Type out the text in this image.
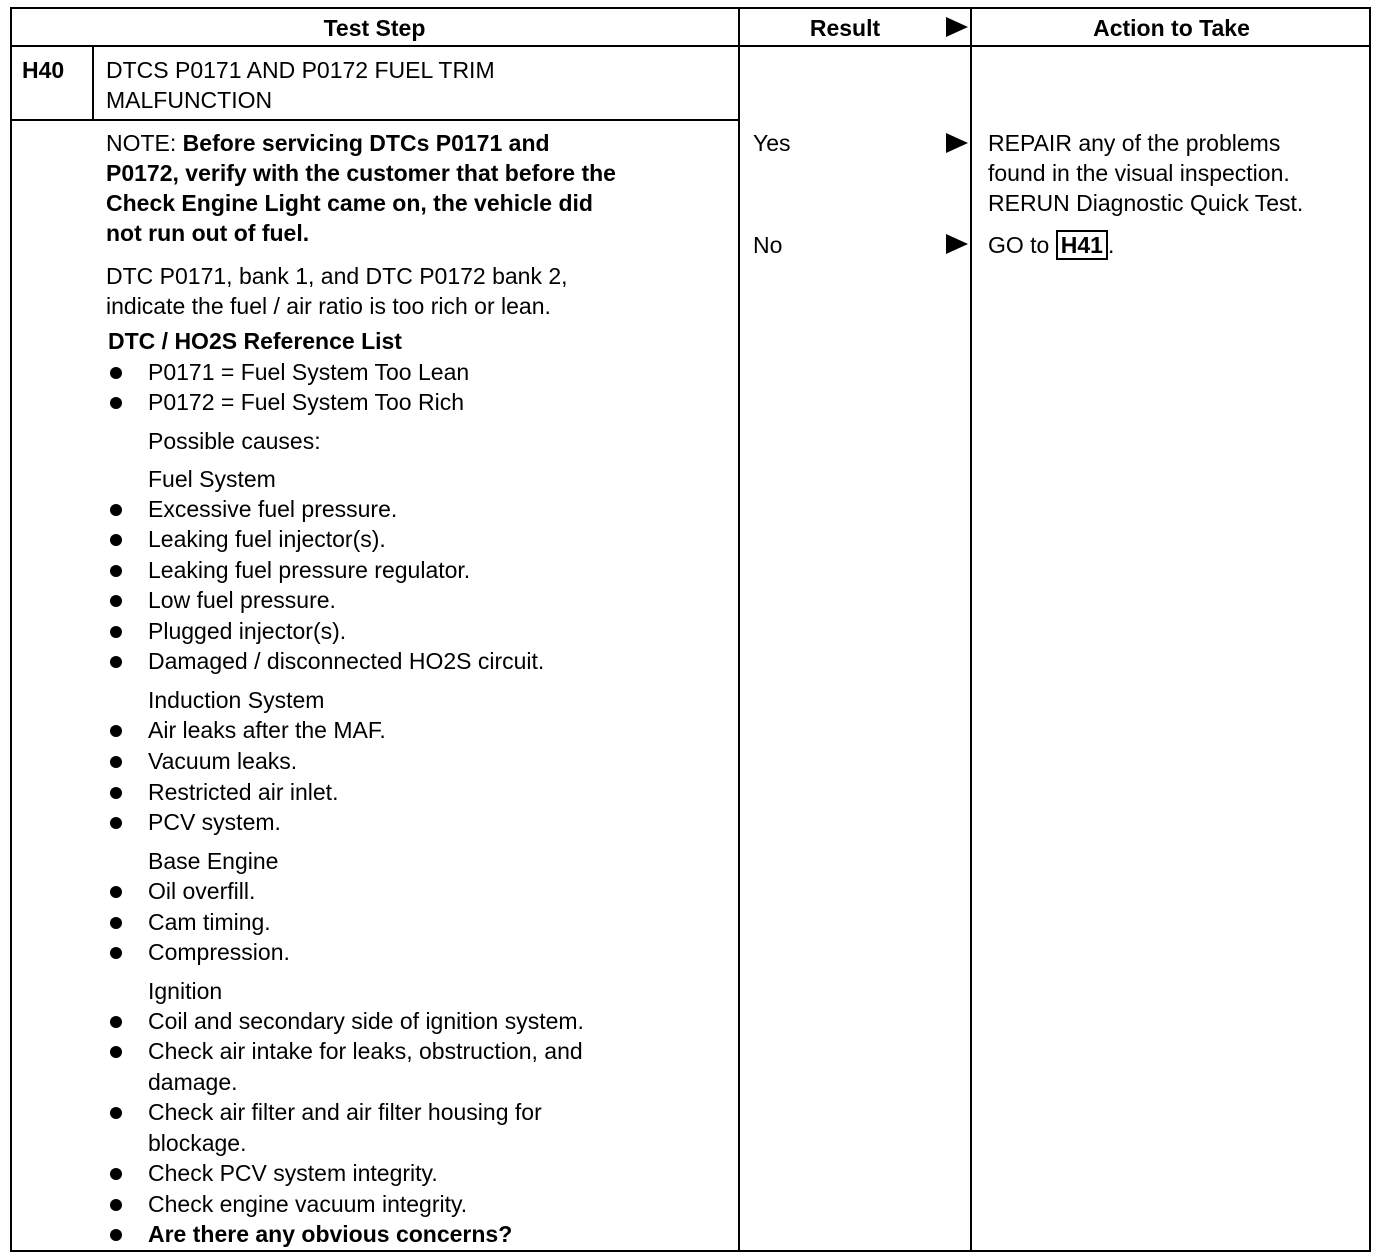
Test Step	Result	Action to Take
H40 DTCS P0171 AND P0172 FUEL TRIM
MALFUNCTION
NOTE: Before servicing DTCs P0171 and
P0172, verify with the customer that before the
Check Engine Light came on, the vehicle did
not run out of fuel.
DTC P0171, bank 1, and DTC P0172 bank 2,
indicate the fuel / air ratio is too rich or lean.
DTC / HO2S Reference List
P0171 = Fuel System Too Lean
P0172 = Fuel System Too Rich
Possible causes:
Fuel System
Excessive fuel pressure.
Leaking fuel injector(s).
Leaking fuel pressure regulator.
Low fuel pressure.
Plugged injector(s).
Damaged / disconnected HO2S circuit.
Induction System
Air leaks after the MAF.
Vacuum leaks.
Restricted air inlet.
PCV system.
Base Engine
Oil overfill.
Cam timing.
Compression.
Ignition
Coil and secondary side of ignition system.
Check air intake for leaks, obstruction, and
damage.
Check air filter and air filter housing for
blockage.
Check PCV system integrity.
Check engine vacuum integrity.
Are there any obvious concerns?
Yes
No
REPAIR any of the problems
found in the visual inspection.
RERUN Diagnostic Quick Test.
GO to H41 .
